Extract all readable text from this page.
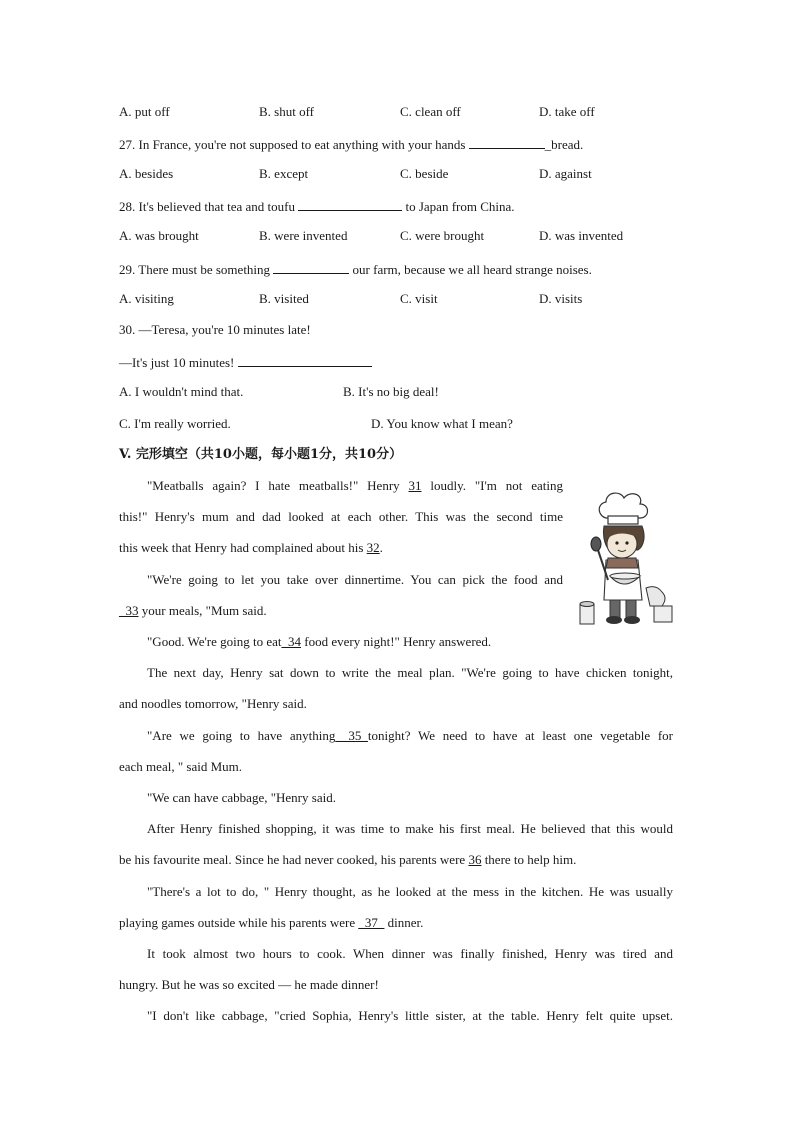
A. put off	B. shut off	C. clean off	D. take off
27. In France, you're not supposed to eat anything with your hands	_bread.
A. besides	B. except	C. beside	D. against
28. It's believed that tea and toufu	to Japan from China.
A. was brought	B. were invented	C. were brought	D. was invented
29. There must be something	our farm, because we all heard strange noises.
A. visiting	B. visited	C. visit	D. visits
30. —Teresa, you're 10 minutes late!
—It's just 10 minutes!
A. I wouldn't mind that.	B. It's no big deal!
C. I'm really worried.	D. You know what I mean?
V. 完形填空（共10小题，每小题1分，共10分）
"Meatballs again? I hate meatballs!" Henry 31 loudly. "I'm not eating
this!" Henry's mum and dad looked at each other. This was the second time
this week that Henry had complained about his 32.
"We're going to let you take over dinnertime. You can pick the food and
_33 your meals, "Mum said.
"Good. We're going to eat_34 food every night!" Henry answered.
The next day, Henry sat down to write the meal plan. "We're going to have chicken tonight,
and noodles tomorrow, "Henry said.
"Are we going to have anything__35_tonight? We need to have at least one vegetable for
each meal, " said Mum.
"We can have cabbage, "Henry said.
After Henry finished shopping, it was time to make his first meal. He believed that this would
be his favourite meal. Since he had never cooked, his parents were 36 there to help him.
"There's a lot to do, " Henry thought, as he looked at the mess in the kitchen. He was usually
playing games outside while his parents were _37_ dinner.
It took almost two hours to cook. When dinner was finally finished, Henry was tired and
hungry. But he was so excited — he made dinner!
"I don't like cabbage, "cried Sophia, Henry's little sister, at the table. Henry felt quite upset.
